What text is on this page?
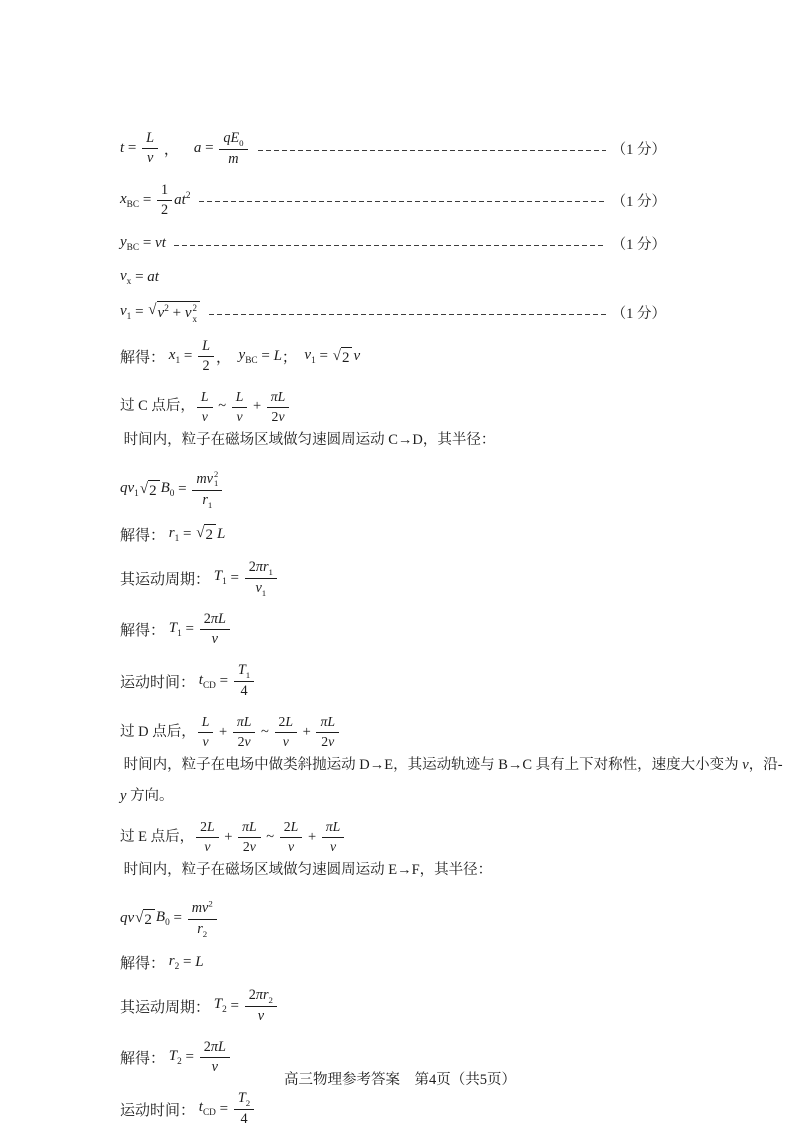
$t = \frac{L}{v}$ ， $a = \frac{qE_0}{m}$	（1 分）
$x_{BC} = \frac{1}{2} at^2$	（1 分）
$y_{BC}$ = vt	（1 分）
$v_x$ = at
$v_1$ = √ $v^2 + v$ 2
x	（1 分）
解得： $x_1 = \frac{L}{2}$ ， $y_{BC} = L$ ； $v_1$ = √ 2 v
过 C 点后， $\frac{L}{v}$ ~ $\frac{L}{v} + \frac{\pi L}{2v}$
时间内，粒子在磁场区域做匀速圆周运动 C→D，其半径：
$qv_1$ √ 2 $B_0$ = mv 2
1
$r_1$
解得： $r_1$ = √ 2 L
其运动周期： $T_1 = \frac{2\pi r_1}{v_1}$
解得： $T_1 = \frac{2\pi L}{v}$
运动时间： $t_{CD} = \frac{T_1}{4}$
过 D 点后， $\frac{L}{v} + \frac{\pi L}{2v}$ ~ $\frac{2L}{v} + \frac{\pi L}{2v}$
时间内，粒子在电场中做类斜抛运动 D→E，其运动轨迹与 B→C 具有上下对称性，速度大小变为 v，沿-y 方向。
过 E 点后， $\frac{2L}{v} + \frac{\pi L}{2v}$ ~ $\frac{2L}{v} + \frac{\pi L}{v}$
时间内，粒子在磁场区域做匀速圆周运动 E→F，其半径：
qv √ 2 $B_0 = \frac{mv^2}{r_2}$
解得： $r_2 = L$
其运动周期： $T_2 = \frac{2\pi r_2}{v}$
解得： $T_2 = \frac{2\pi L}{v}$
运动时间： $t_{CD} = \frac{T_2}{4}$
高三物理参考答案　第4页（共5页）
